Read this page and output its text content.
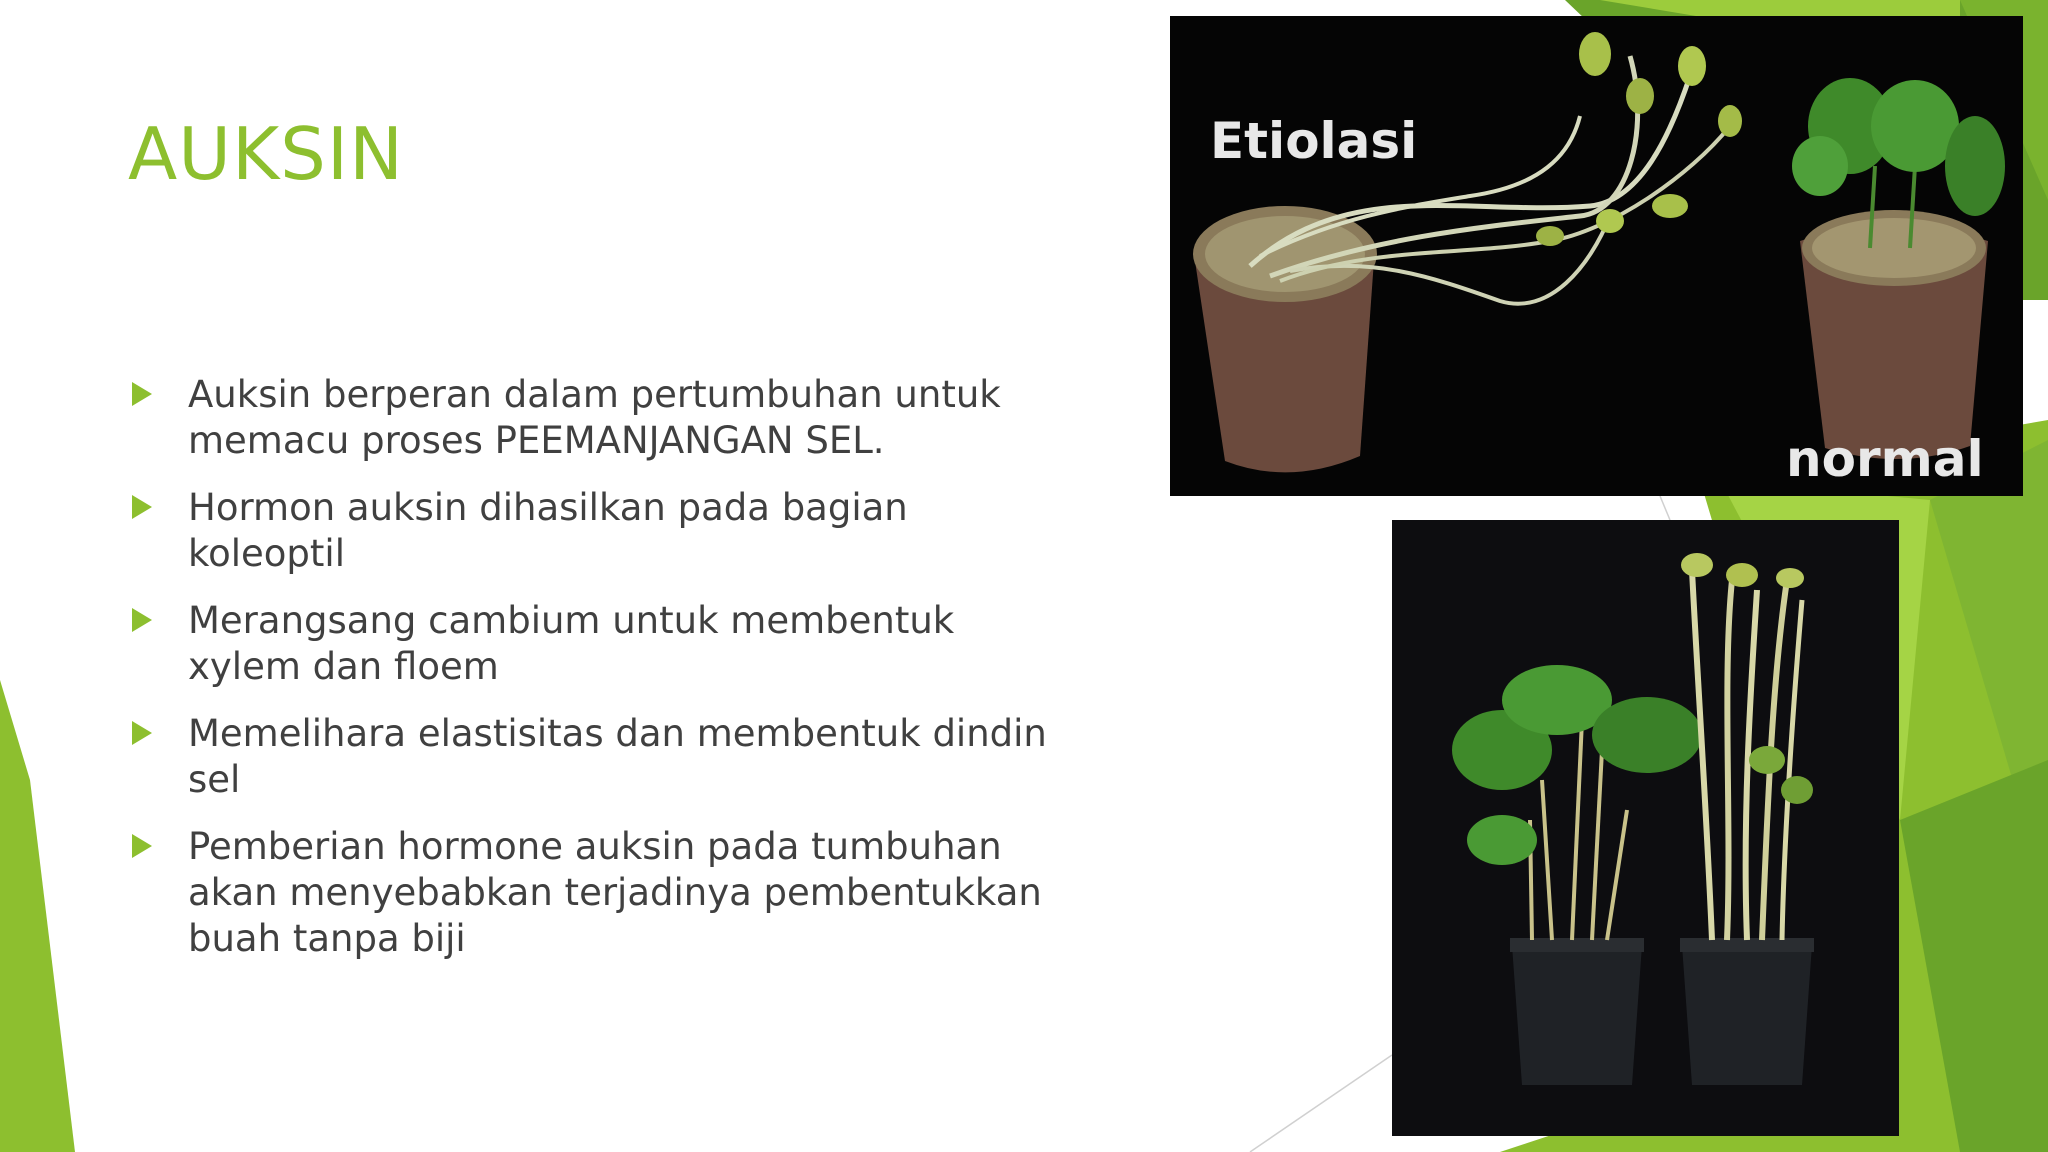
AUKSIN
Auksin berperan dalam pertumbuhan untuk memacu proses PEEMANJANGAN SEL.
Hormon auksin dihasilkan pada bagian koleoptil
Merangsang cambium untuk membentuk xylem dan floem
Memelihara elastisitas dan membentuk dindin sel
Pemberian hormone auksin pada tumbuhan akan menyebabkan terjadinya pembentukkan buah tanpa biji
Etiolasi
normal
